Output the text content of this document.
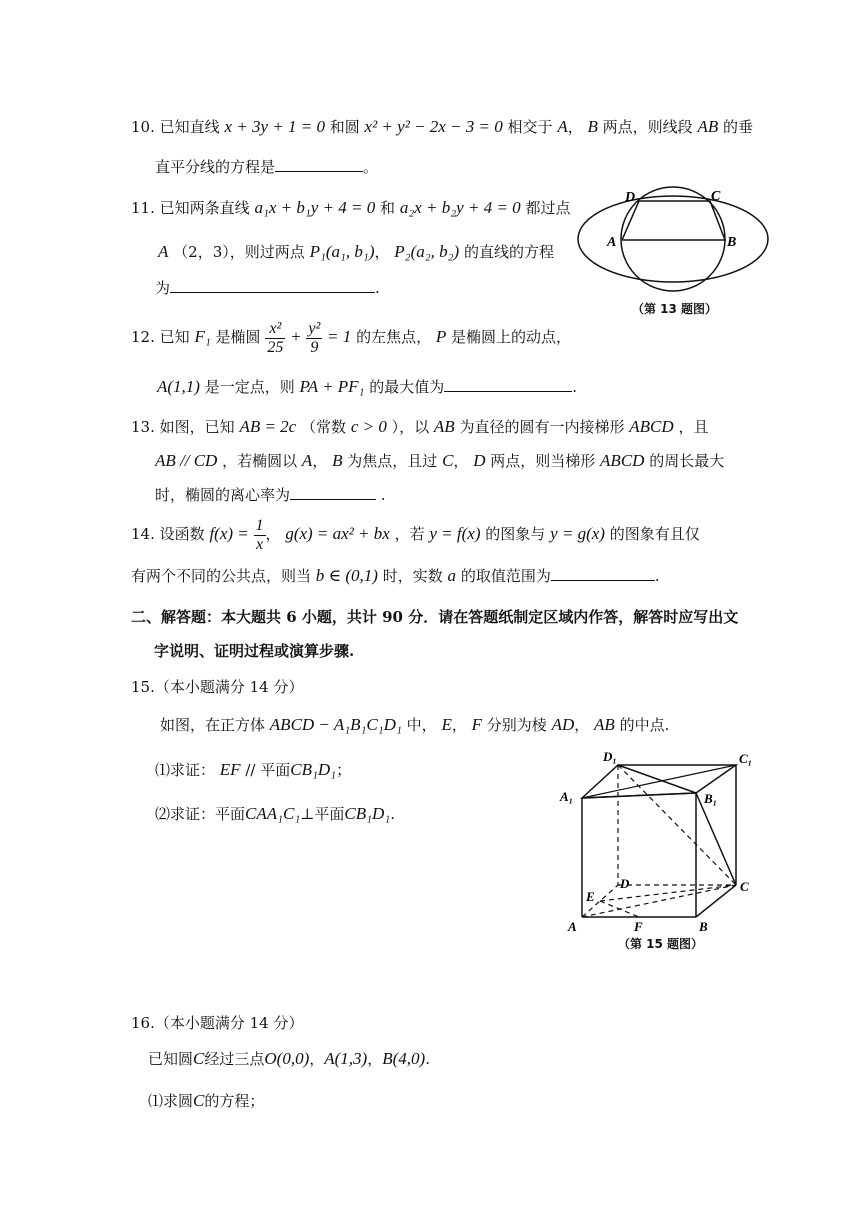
10. 已知直线 x + 3y + 1 = 0 和圆 x² + y² − 2x − 3 = 0 相交于 A， B 两点，则线段 AB 的垂
直平分线的方程是	。
11. 已知两条直线 a₁x + b₁y + 4 = 0 和 a₂x + b₂y + 4 = 0 都过点
A （2，3），则过两点 P₁(a₁, b₁)， P₂(a₂, b₂) 的直线的方程
为	.
D	C
A	B
（第 13 题图）
12. 已知 F₁ 是椭圆 $\frac{\text{x²}}{25} + \frac{\text{y²}}{9} = 1$ 的左焦点， P 是椭圆上的动点，
A(1,1) 是一定点，则 PA + PF₁ 的最大值为	.
13. 如图，已知 AB = 2c （常数 c > 0 ），以 AB 为直径的圆有一内接梯形 ABCD ，且
AB // CD ，若椭圆以 A， B 为焦点，且过 C， D 两点，则当梯形 ABCD 的周长最大
时，椭圆的离心率为	.
14. 设函数 $f(x) = \frac{1}{x}$ ， g(x) = ax² + bx ，若 y = f(x) 的图象与 y = g(x) 的图象有且仅
有两个不同的公共点，则当 b ∈ (0,1) 时，实数 a 的取值范围为	.
二、解答题：本大题共 6 小题，共计 90 分．请在答题纸制定区域内作答，解答时应写出文
字说明、证明过程或演算步骤.
15.（本小题满分 14 分）
如图，在正方体 ABCD − A₁B₁C₁D₁ 中， E， F 分别为棱 AD， AB 的中点.
⑴求证： EF // 平面CB₁D₁；
⑵求证：平面CAA₁C₁⊥平面CB₁D₁.
D₁	C₁
A₁	B₁
D	C
E
A	F	B
（第 15 题图）
16.（本小题满分 14 分）
已知圆C经过三点O(0,0)，A(1,3)，B(4,0).
⑴求圆C的方程；
